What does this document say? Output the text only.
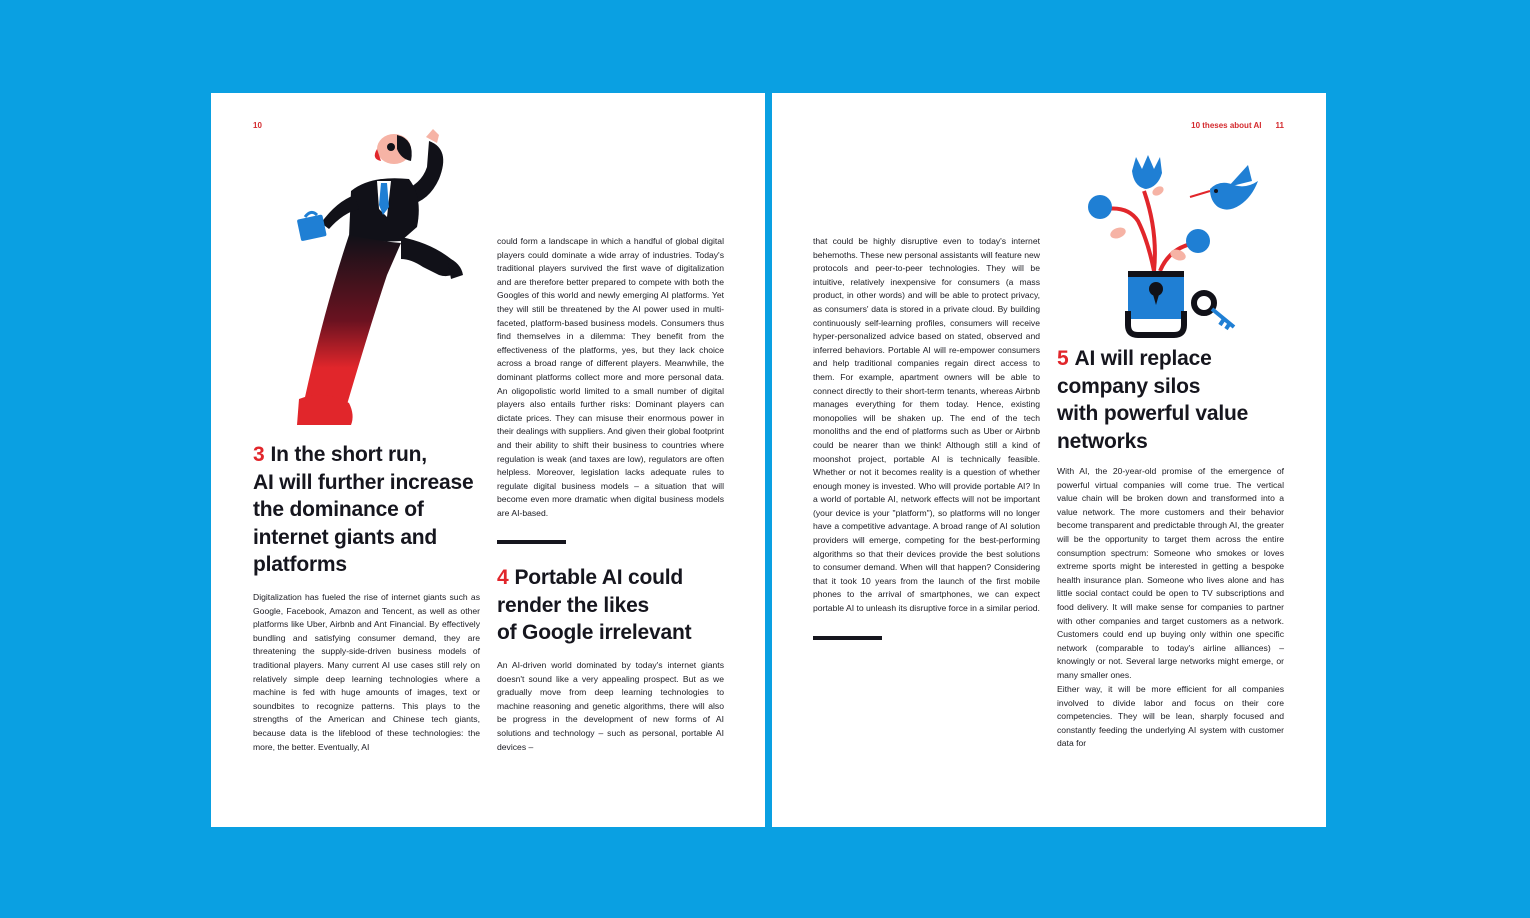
10
3 In the short run,
AI will further increase
the dominance of
internet giants and
platforms

Digitalization has fueled the rise of internet giants such as Google, Facebook, Amazon and Tencent, as well as other platforms like Uber, Airbnb and Ant Financial. By effectively bundling and satisfying consumer demand, they are threatening the supply-side-driven business models of traditional players. Many current AI use cases still rely on relatively simple deep learning technologies where a machine is fed with huge amounts of images, text or soundbites to recognize patterns. This plays to the strengths of the American and Chinese tech giants, because data is the lifeblood of these technologies: the more, the better. Eventually, AI

could form a landscape in which a handful of global digital players could dominate a wide array of industries. Today's traditional players survived the first wave of digitalization and are therefore better prepared to compete with both the Googles of this world and newly emerging AI platforms. Yet they will still be threatened by the AI power used in multi-faceted, platform-based business models. Consumers thus find themselves in a dilemma: They benefit from the effectiveness of the platforms, yes, but they lack choice across a broad range of different players. Meanwhile, the dominant platforms collect more and more personal data. An oligopolistic world limited to a small number of digital players also entails further risks: Dominant players can dictate prices. They can misuse their enormous power in their dealings with suppliers. And given their global footprint and their ability to shift their business to countries where regulation is weak (and taxes are low), regulators are often helpless. Moreover, legislation lacks adequate rules to regulate digital business models – a situation that will become even more dramatic when digital business models are AI-based.

4 Portable AI could
render the likes
of Google irrelevant

An AI-driven world dominated by today's internet giants doesn't sound like a very appealing prospect. But as we gradually move from deep learning technologies to machine reasoning and genetic algorithms, there will also be progress in the development of new forms of AI solutions and technology – such as personal, portable AI devices –

10 theses about AI 11

that could be highly disruptive even to today's internet behemoths. These new personal assistants will feature new protocols and peer-to-peer technologies. They will be intuitive, relatively inexpensive for consumers (a mass product, in other words) and will be able to protect privacy, as consumers' data is stored in a private cloud. By building continuously self-learning profiles, consumers will receive hyper-personalized advice based on stated, observed and inferred behaviors. Portable AI will re-empower consumers and help traditional companies regain direct access to them. For example, apartment owners will be able to connect directly to their short-term tenants, whereas Airbnb manages everything for them today. Hence, existing monopolies will be shaken up. The end of the tech monoliths and the end of platforms such as Uber or Airbnb could be nearer than we think! Although still a kind of moonshot project, portable AI is technically feasible. Whether or not it becomes reality is a question of whether enough money is invested. Who will provide portable AI? In a world of portable AI, network effects will not be important (your device is your "platform"), so platforms will no longer have a competitive advantage. A broad range of AI solution providers will emerge, competing for the best-performing algorithms so that their devices provide the best solutions to consumer demand. When will that happen? Considering that it took 10 years from the launch of the first mobile phones to the arrival of smartphones, we can expect portable AI to unleash its disruptive force in a similar period.

5 AI will replace
company silos
with powerful value
networks

With AI, the 20-year-old promise of the emergence of powerful virtual companies will come true. The vertical value chain will be broken down and transformed into a value network. The more customers and their behavior become transparent and predictable through AI, the greater will be the opportunity to target them across the entire consumption spectrum: Someone who smokes or loves extreme sports might be interested in getting a bespoke health insurance plan. Someone who lives alone and has little social contact could be open to TV subscriptions and food delivery. It will make sense for companies to partner with other companies and target customers as a network. Customers could end up buying only within one specific network (comparable to today's airline alliances) – knowingly or not. Several large networks might emerge, or many smaller ones.

Either way, it will be more efficient for all companies involved to divide labor and focus on their core competencies. They will be lean, sharply focused and constantly feeding the underlying AI system with customer data for
